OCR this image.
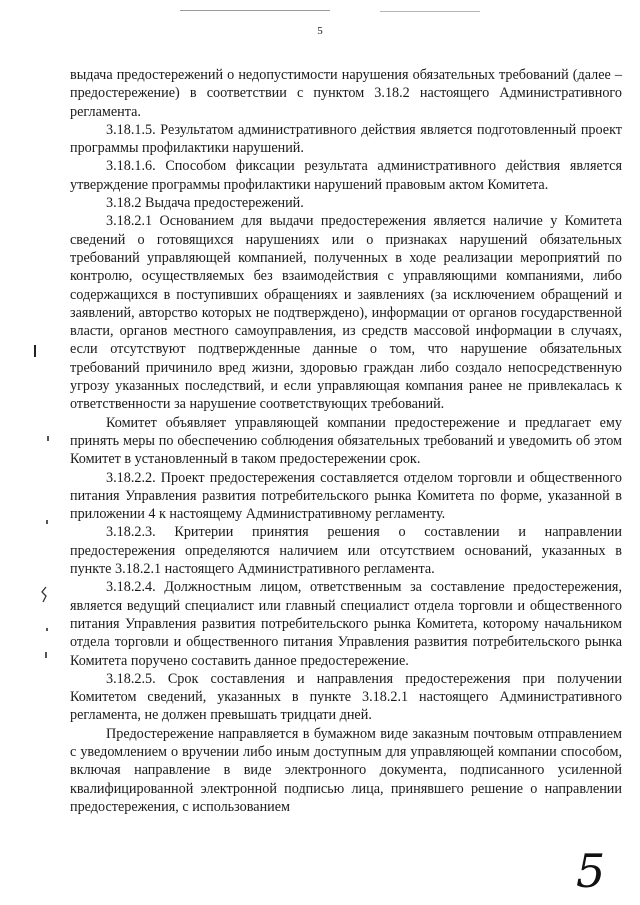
5

выдача предостережений о недопустимости нарушения обязательных требований (далее – предостережение) в соответствии с пунктом 3.18.2 настоящего Административного регламента.

3.18.1.5. Результатом административного действия является подготовленный проект программы профилактики нарушений.

3.18.1.6. Способом фиксации результата административного действия является утверждение программы профилактики нарушений правовым актом Комитета.

3.18.2 Выдача предостережений.

3.18.2.1 Основанием для выдачи предостережения является наличие у Комитета сведений о готовящихся нарушениях или о признаках нарушений обязательных требований управляющей компанией, полученных в ходе реализации мероприятий по контролю, осуществляемых без взаимодействия с управляющими компаниями, либо содержащихся в поступивших обращениях и заявлениях (за исключением обращений и заявлений, авторство которых не подтверждено), информации от органов государственной власти, органов местного самоуправления, из средств массовой информации в случаях, если отсутствуют подтвержденные данные о том, что нарушение обязательных требований причинило вред жизни, здоровью граждан либо создало непосредственную угрозу указанных последствий, и если управляющая компания ранее не привлекалась к ответственности за нарушение соответствующих требований.

Комитет объявляет управляющей компании предостережение и предлагает ему принять меры по обеспечению соблюдения обязательных требований и уведомить об этом Комитет в установленный в таком предостережении срок.

3.18.2.2. Проект предостережения составляется отделом торговли и общественного питания Управления развития потребительского рынка Комитета по форме, указанной в приложении 4 к настоящему Административному регламенту.

3.18.2.3. Критерии принятия решения о составлении и направлении предостережения определяются наличием или отсутствием оснований, указанных в пункте 3.18.2.1 настоящего Административного регламента.

3.18.2.4. Должностным лицом, ответственным за составление предостережения, является ведущий специалист или главный специалист отдела торговли и общественного питания Управления развития потребительского рынка Комитета, которому начальником отдела торговли и общественного питания Управления развития потребительского рынка Комитета поручено составить данное предостережение.

3.18.2.5. Срок составления и направления предостережения при получении Комитетом сведений, указанных в пункте 3.18.2.1 настоящего Административного регламента, не должен превышать тридцати дней.

Предостережение направляется в бумажном виде заказным почтовым отправлением с уведомлением о вручении либо иным доступным для управляющей компании способом, включая направление в виде электронного документа, подписанного усиленной квалифицированной электронной подписью лица, принявшего решение о направлении предостережения, с использованием

5
